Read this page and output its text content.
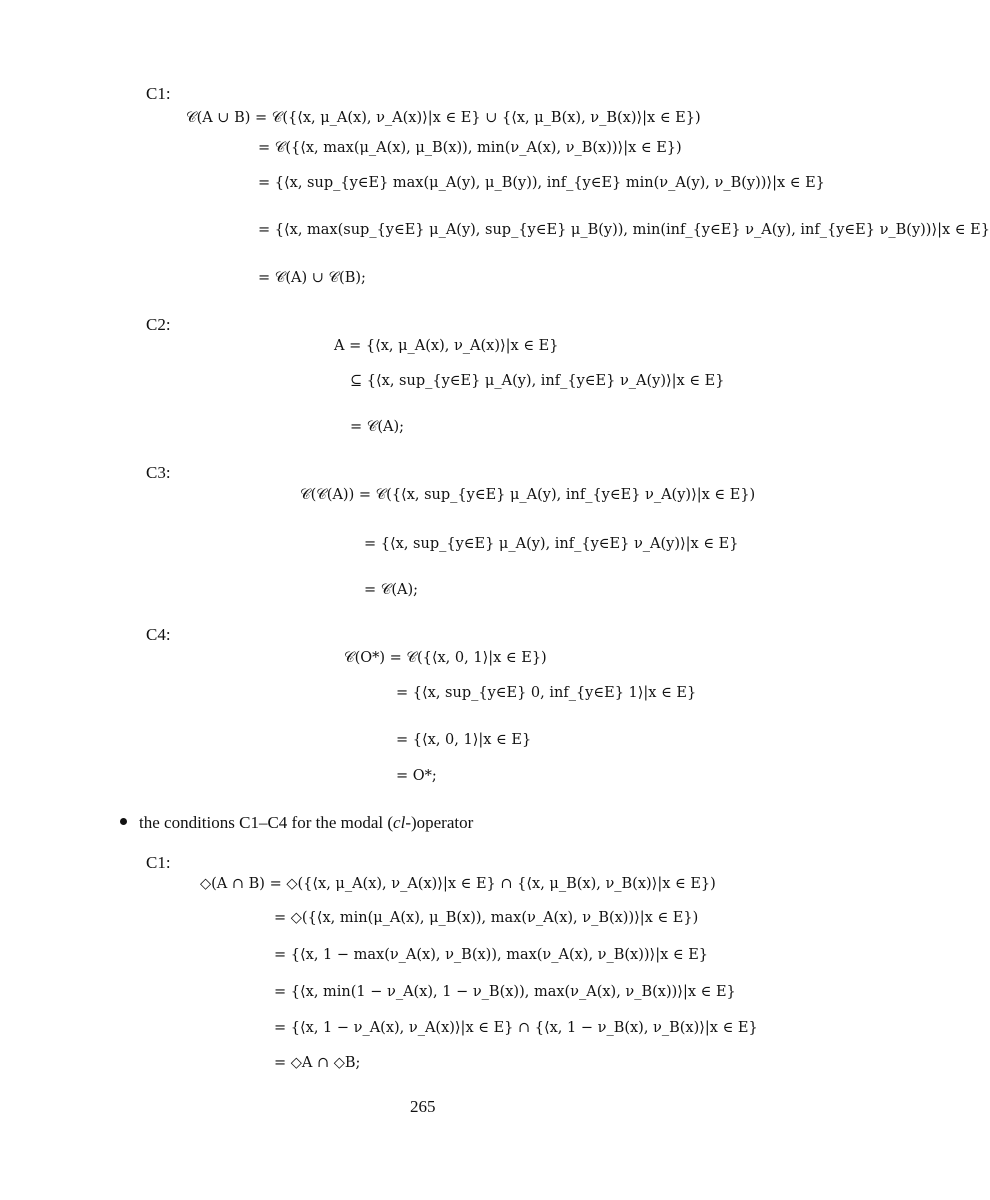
C1:
𝒞(A ∪ B) = 𝒞({⟨x, μ_A(x), ν_A(x)⟩|x ∈ E} ∪ {⟨x, μ_B(x), ν_B(x)⟩|x ∈ E})
= 𝒞({⟨x, max(μ_A(x), μ_B(x)), min(ν_A(x), ν_B(x))⟩|x ∈ E})
= {⟨x, sup_{y∈E} max(μ_A(y), μ_B(y)), inf_{y∈E} min(ν_A(y), ν_B(y))⟩|x ∈ E}
= {⟨x, max(sup_{y∈E} μ_A(y), sup_{y∈E} μ_B(y)), min(inf_{y∈E} ν_A(y), inf_{y∈E} ν_B(y))⟩|x ∈ E}
= 𝒞(A) ∪ 𝒞(B);
C2:
A = {⟨x, μ_A(x), ν_A(x)⟩|x ∈ E}
⊆ {⟨x, sup_{y∈E} μ_A(y), inf_{y∈E} ν_A(y)⟩|x ∈ E}
= 𝒞(A);
C3:
𝒞(𝒞(A)) = 𝒞({⟨x, sup_{y∈E} μ_A(y), inf_{y∈E} ν_A(y)⟩|x ∈ E})
= {⟨x, sup_{y∈E} μ_A(y), inf_{y∈E} ν_A(y)⟩|x ∈ E}
= 𝒞(A);
C4:
𝒞(O*) = 𝒞({⟨x, 0, 1⟩|x ∈ E})
= {⟨x, sup_{y∈E} 0, inf_{y∈E} 1⟩|x ∈ E}
= {⟨x, 0, 1⟩|x ∈ E}
= O*;
the conditions C1–C4 for the modal (cl-)operator
C1:
◇(A ∩ B) = ◇({⟨x, μ_A(x), ν_A(x)⟩|x ∈ E} ∩ {⟨x, μ_B(x), ν_B(x)⟩|x ∈ E})
= ◇({⟨x, min(μ_A(x), μ_B(x)), max(ν_A(x), ν_B(x))⟩|x ∈ E})
= {⟨x, 1 − max(ν_A(x), ν_B(x)), max(ν_A(x), ν_B(x))⟩|x ∈ E}
= {⟨x, min(1 − ν_A(x), 1 − ν_B(x)), max(ν_A(x), ν_B(x))⟩|x ∈ E}
= {⟨x, 1 − ν_A(x), ν_A(x)⟩|x ∈ E} ∩ {⟨x, 1 − ν_B(x), ν_B(x)⟩|x ∈ E}
= ◇A ∩ ◇B;
265
